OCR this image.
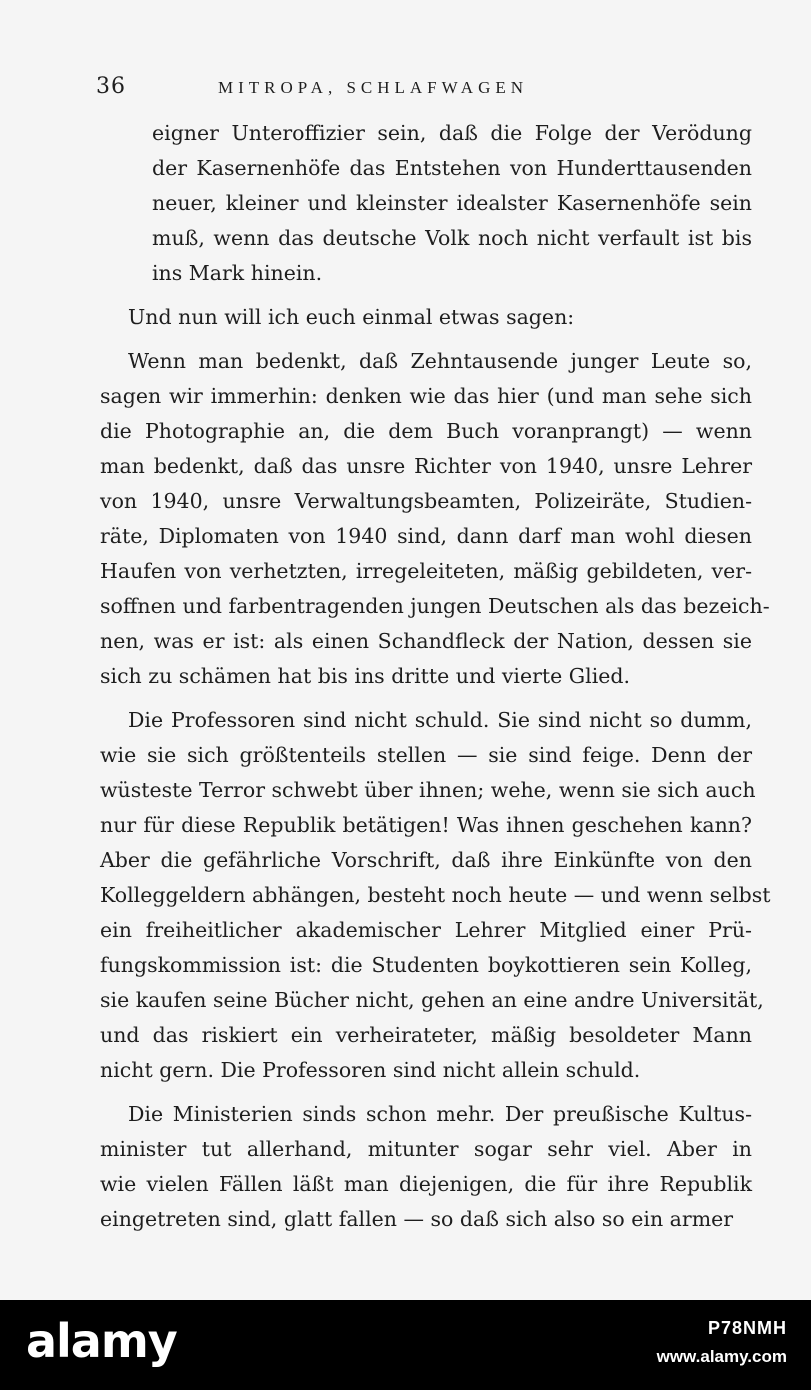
36	MITROPA, SCHLAFWAGEN
eigner Unteroffizier sein, daß die Folge der Verödung
der Kasernenhöfe das Entstehen von Hunderttausenden
neuer, kleiner und kleinster idealster Kasernenhöfe sein
muß, wenn das deutsche Volk noch nicht verfault ist bis
ins Mark hinein.
Und nun will ich euch einmal etwas sagen:
Wenn man bedenkt, daß Zehntausende junger Leute so,
sagen wir immerhin: denken wie das hier (und man sehe sich
die Photographie an, die dem Buch voranprangt) — wenn
man bedenkt, daß das unsre Richter von 1940, unsre Lehrer
von 1940, unsre Verwaltungsbeamten, Polizeiräte, Studien-
räte, Diplomaten von 1940 sind, dann darf man wohl diesen
Haufen von verhetzten, irregeleiteten, mäßig gebildeten, ver-
soffnen und farbentragenden jungen Deutschen als das bezeich-
nen, was er ist: als einen Schandfleck der Nation, dessen sie
sich zu schämen hat bis ins dritte und vierte Glied.
Die Professoren sind nicht schuld. Sie sind nicht so dumm,
wie sie sich größtenteils stellen — sie sind feige. Denn der
wüsteste Terror schwebt über ihnen; wehe, wenn sie sich auch
nur für diese Republik betätigen! Was ihnen geschehen kann?
Aber die gefährliche Vorschrift, daß ihre Einkünfte von den
Kolleggeldern abhängen, besteht noch heute — und wenn selbst
ein freiheitlicher akademischer Lehrer Mitglied einer Prü-
fungskommission ist: die Studenten boykottieren sein Kolleg,
sie kaufen seine Bücher nicht, gehen an eine andre Universität,
und das riskiert ein verheirateter, mäßig besoldeter Mann
nicht gern. Die Professoren sind nicht allein schuld.
Die Ministerien sinds schon mehr. Der preußische Kultus-
minister tut allerhand, mitunter sogar sehr viel. Aber in
wie vielen Fällen läßt man diejenigen, die für ihre Republik
eingetreten sind, glatt fallen — so daß sich also so ein armer
alamy	P78NMH
www.alamy.com
